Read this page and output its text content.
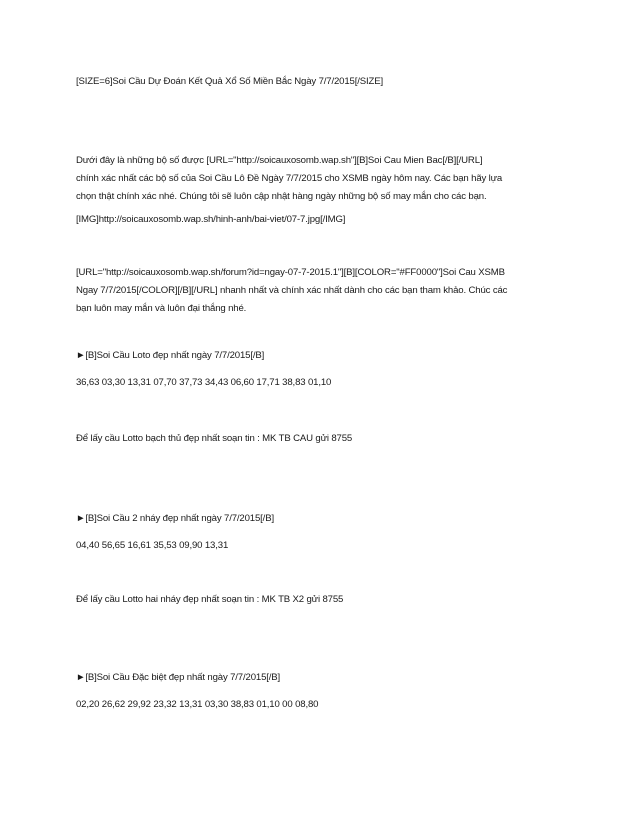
[SIZE=6]Soi Cầu Dự Đoán Kết Quả Xổ Số Miền Bắc Ngày 7/7/2015[/SIZE]

Dưới đây là những bộ số được [URL="http://soicauxosomb.wap.sh"][B]Soi Cau Mien Bac[/B][/URL]
chính xác nhất các bộ số của Soi Cầu Lô Đề Ngày 7/7/2015 cho XSMB ngày hôm nay. Các bạn hãy lựa
chọn thật chính xác nhé. Chúng tôi sẽ luôn cập nhật hàng ngày những bộ số may mắn cho các bạn.

[IMG]http://soicauxosomb.wap.sh/hinh-anh/bai-viet/07-7.jpg[/IMG]

[URL="http://soicauxosomb.wap.sh/forum?id=ngay-07-7-2015.1"][B][COLOR="#FF0000"]Soi Cau XSMB
Ngay 7/7/2015[/COLOR][/B][/URL] nhanh nhất và chính xác nhất dành cho các bạn tham khảo. Chúc các
bạn luôn may mắn và luôn đại thắng nhé.

►[B]Soi Cầu Loto đẹp nhất ngày 7/7/2015[/B]

36,63 03,30 13,31 07,70 37,73 34,43 06,60 17,71 38,83 01,10

Để lấy cầu Lotto bạch thủ đẹp nhất soạn tin : MK TB CAU gửi 8755

►[B]Soi Cầu 2 nháy đẹp nhất ngày 7/7/2015[/B]

04,40 56,65 16,61 35,53 09,90 13,31

Để lấy cầu Lotto hai nháy đẹp nhất soạn tin : MK TB X2 gửi 8755

►[B]Soi Cầu Đặc biệt đẹp nhất ngày 7/7/2015[/B]

02,20 26,62 29,92 23,32 13,31 03,30 38,83 01,10 00 08,80
